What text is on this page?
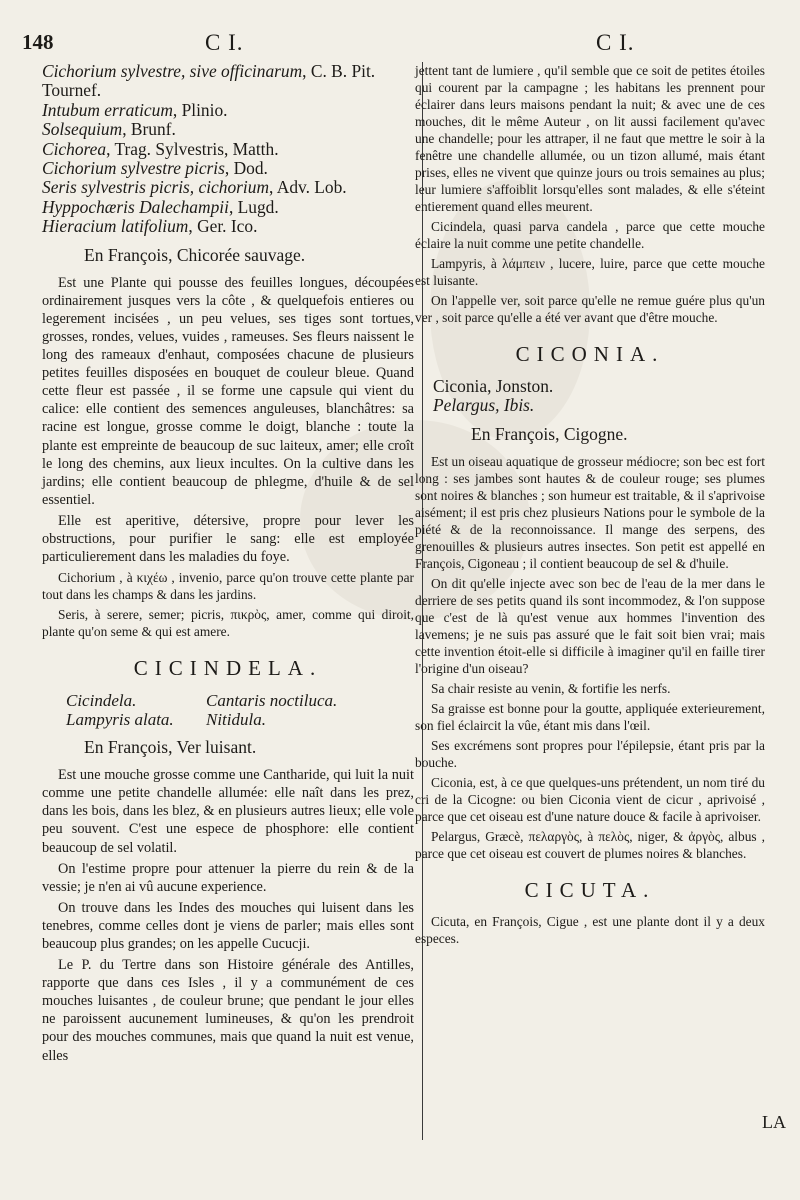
148	C I.	C I.

Cichorium sylvestre, sive officinarum, C. B. Pit. Tournef.

Intubum erraticum, Plinio.

Solsequium, Brunf.

Cichorea, Trag. Sylvestris, Matth.

Cichorium sylvestre picris, Dod.

Seris sylvestris picris, cichorium, Adv. Lob.

Hyppochæris Dalechampii, Lugd.

Hieracium latifolium, Ger. Ico.

En François, Chicorée sauvage.

Est une Plante qui pousse des feuilles longues, découpées ordinairement jusques vers la côte , & quelquefois entieres ou legerement incisées , un peu velues, ses tiges sont tortues, grosses, rondes, velues, vuides , rameuses. Ses fleurs naissent le long des rameaux d'enhaut, composées chacune de plusieurs petites feuilles disposées en bouquet de couleur bleue. Quand cette fleur est passée , il se forme une capsule qui vient du calice: elle contient des semences anguleuses, blanchâtres: sa racine est longue, grosse comme le doigt, blanche : toute la plante est empreinte de beaucoup de suc laiteux, amer; elle croît le long des chemins, aux lieux incultes. On la cultive dans les jardins; elle contient beaucoup de phlegme, d'huile & de sel essentiel.

Elle est aperitive, détersive, propre pour lever les obstructions, pour purifier le sang: elle est employée particulierement dans les maladies du foye.

Cichorium , à κιχέω , invenio, parce qu'on trouve cette plante par tout dans les champs & dans les jardins.

Seris, à serere, semer; picris, πικρὸς, amer, comme qui diroit, plante qu'on seme & qui est amere.

CICINDELA.
Cicindela.	Cantaris noctiluca.
Lampyris alata.	Nitidula.

En François, Ver luisant.

Est une mouche grosse comme une Cantharide, qui luit la nuit comme une petite chandelle allumée: elle naît dans les prez, dans les bois, dans les blez, & en plusieurs autres lieux; elle vole peu souvent. C'est une espece de phosphore: elle contient beaucoup de sel volatil.

On l'estime propre pour attenuer la pierre du rein & de la vessie; je n'en ai vû aucune experience.

On trouve dans les Indes des mouches qui luisent dans les tenebres, comme celles dont je viens de parler; mais elles sont beaucoup plus grandes; on les appelle Cucucji.

Le P. du Tertre dans son Histoire générale des Antilles, rapporte que dans ces Isles , il y a communément de ces mouches luisantes , de couleur brune; que pendant le jour elles ne paroissent aucunement lumineuses, & qu'on les prendroit pour des mouches communes, mais que quand la nuit est venue, elles

jettent tant de lumiere , qu'il semble que ce soit de petites étoiles qui courent par la campagne ; les habitans les prennent pour éclairer dans leurs maisons pendant la nuit; & avec une de ces mouches, dit le même Auteur , on lit aussi facilement qu'avec une chandelle; pour les attraper, il ne faut que mettre le soir à la fenêtre une chandelle allumée, ou un tizon allumé, mais étant prises, elles ne vivent que quinze jours ou trois semaines au plus; leur lumiere s'affoiblit lorsqu'elles sont malades, & elle s'éteint entierement quand elles meurent.

Cicindela, quasi parva candela , parce que cette mouche éclaire la nuit comme une petite chandelle.

Lampyris, à λάμπειν , lucere, luire, parce que cette mouche est luisante.

On l'appelle ver, soit parce qu'elle ne remue guére plus qu'un ver , soit parce qu'elle a été ver avant que d'être mouche.

CICONIA.

Ciconia, Jonston.

Pelargus, Ibis.

En François, Cigogne.

Est un oiseau aquatique de grosseur médiocre; son bec est fort long : ses jambes sont hautes & de couleur rouge; ses plumes sont noires & blanches ; son humeur est traitable, & il s'aprivoise aisément; il est pris chez plusieurs Nations pour le symbole de la piété & de la reconnoissance. Il mange des serpens, des grenouilles & plusieurs autres insectes. Son petit est appellé en François, Cigoneau ; il contient beaucoup de sel & d'huile.

On dit qu'elle injecte avec son bec de l'eau de la mer dans le derriere de ses petits quand ils sont incommodez, & l'on suppose que c'est de là qu'est venue aux hommes l'invention des lavemens; je ne suis pas assuré que le fait soit bien vrai; mais cette invention étoit-elle si difficile à imaginer qu'il en faille tirer l'origine d'un oiseau?

Sa chair resiste au venin, & fortifie les nerfs.

Sa graisse est bonne pour la goutte, appliquée exterieurement, son fiel éclaircit la vûe, étant mis dans l'œil.

Ses excrémens sont propres pour l'épilepsie, étant pris par la bouche.

Ciconia, est, à ce que quelques-uns prétendent, un nom tiré du cri de la Cicogne: ou bien Ciconia vient de cicur , aprivoisé , parce que cet oiseau est d'une nature douce & facile à aprivoiser.

Pelargus, Græcè, πελαργὸς, à πελὸς, niger, & ἀργὸς, albus , parce que cet oiseau est couvert de plumes noires & blanches.

CICUTA.

Cicuta, en François, Cigue , est une plante dont il y a deux especes.

LA
